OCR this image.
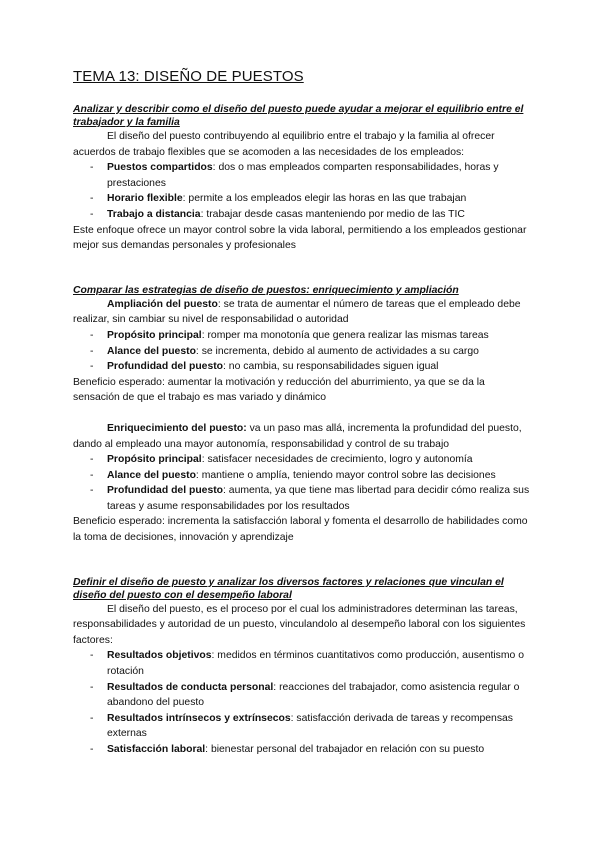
TEMA 13: DISEÑO DE PUESTOS
Analizar y describir como el diseño del puesto puede ayudar a mejorar el equilibrio entre el trabajador y la familia

El diseño del puesto contribuyendo al equilibrio entre el trabajo y la familia al ofrecer acuerdos de trabajo flexibles que se acomoden a las necesidades de los empleados:

- Puestos compartidos: dos o mas empleados comparten responsabilidades, horas y prestaciones
- Horario flexible: permite a los empleados elegir las horas en las que trabajan
- Trabajo a distancia: trabajar desde casas manteniendo por medio de las TIC

Este enfoque ofrece un mayor control sobre la vida laboral, permitiendo a los empleados gestionar mejor sus demandas personales y profesionales

Comparar las estrategias de diseño de puestos: enriquecimiento y ampliación

Ampliación del puesto: se trata de aumentar el número de tareas que el empleado debe realizar, sin cambiar su nivel de responsabilidad o autoridad

- Propósito principal: romper ma monotonía que genera realizar las mismas tareas
- Alance del puesto: se incrementa, debido al aumento de actividades a su cargo
- Profundidad del puesto: no cambia, su responsabilidades siguen igual

Beneficio esperado: aumentar la motivación y reducción del aburrimiento, ya que se da la sensación de que el trabajo es mas variado y dinámico

Enriquecimiento del puesto: va un paso mas allá, incrementa la profundidad del puesto, dando al empleado una mayor autonomía, responsabilidad y control de su trabajo

- Propósito principal: satisfacer necesidades de crecimiento, logro y autonomía
- Alance del puesto: mantiene o amplía, teniendo mayor control sobre las decisiones
- Profundidad del puesto: aumenta, ya que tiene mas libertad para decidir cómo realiza sus tareas y asume responsabilidades por los resultados

Beneficio esperado: incrementa la satisfacción laboral y fomenta el desarrollo de habilidades como la toma de decisiones, innovación y aprendizaje

Definir el diseño de puesto y analizar los diversos factores y relaciones que vinculan el diseño del puesto con el desempeño laboral

El diseño del puesto, es el proceso por el cual los administradores determinan las tareas, responsabilidades y autoridad de un puesto, vinculandolo al desempeño laboral con los siguientes factores:

- Resultados objetivos: medidos en términos cuantitativos como producción, ausentismo o rotación
- Resultados de conducta personal: reacciones del trabajador, como asistencia regular o abandono del puesto
- Resultados intrínsecos y extrínsecos: satisfacción derivada de tareas y recompensas externas
- Satisfacción laboral: bienestar personal del trabajador en relación con su puesto
